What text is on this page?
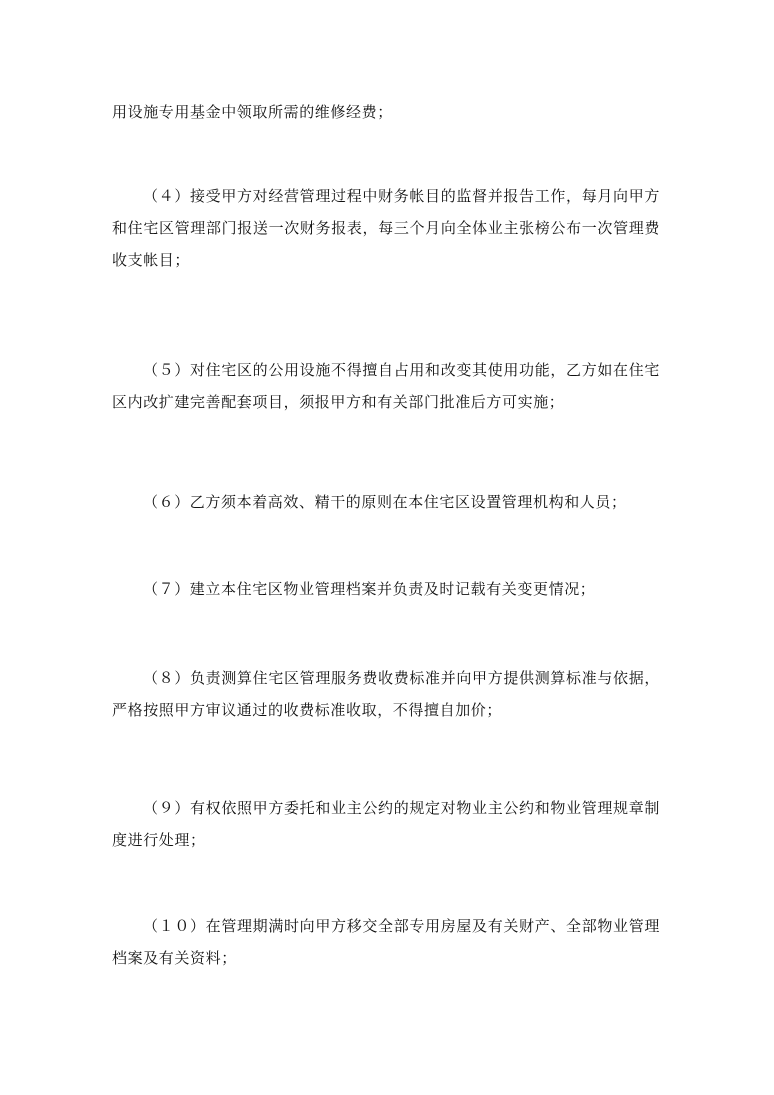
用设施专用基金中领取所需的维修经费；

（４）接受甲方对经营管理过程中财务帐目的监督并报告工作，每月向甲方和住宅区管理部门报送一次财务报表，每三个月向全体业主张榜公布一次管理费收支帐目；

（５）对住宅区的公用设施不得擅自占用和改变其使用功能，乙方如在住宅区内改扩建完善配套项目，须报甲方和有关部门批准后方可实施；

（６）乙方须本着高效、精干的原则在本住宅区设置管理机构和人员；

（７）建立本住宅区物业管理档案并负责及时记载有关变更情况；

（８）负责测算住宅区管理服务费收费标准并向甲方提供测算标准与依据，严格按照甲方审议通过的收费标准收取，不得擅自加价；

（９）有权依照甲方委托和业主公约的规定对物业主公约和物业管理规章制度进行处理；

（１０）在管理期满时向甲方移交全部专用房屋及有关财产、全部物业管理档案及有关资料；
